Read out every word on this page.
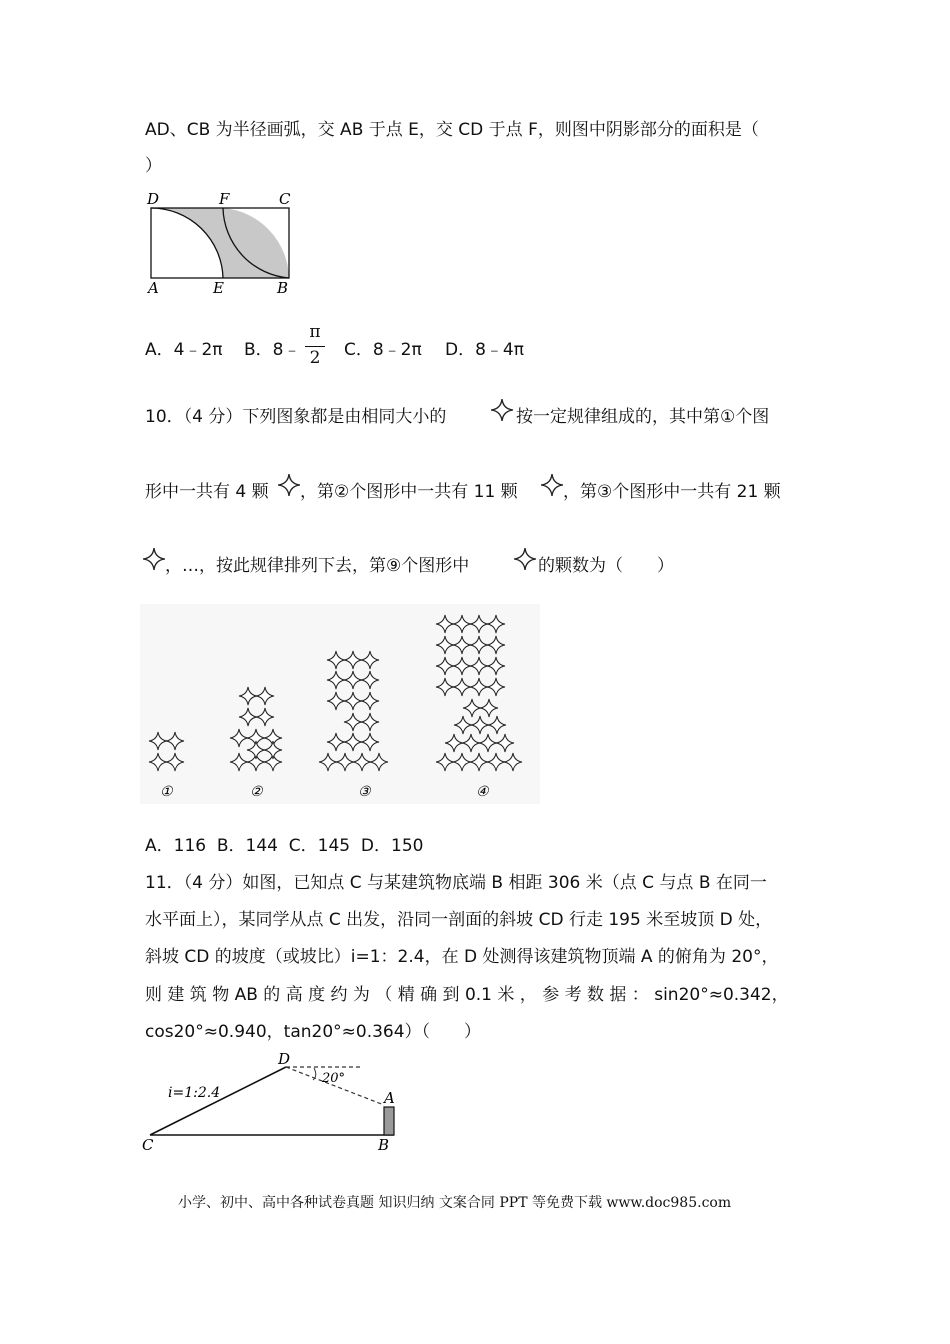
AD、CB 为半径画弧，交 AB 于点 E，交 CD 于点 F，则图中阴影部分的面积是（
）
D	F	C
A	E	B
A．4﹣2π B．8﹣
π
2	C．8﹣2π D．8﹣4π
10．（4 分）下列图象都是由相同大小的	按一定规律组成的，其中第①个图
形中一共有 4 颗 ，第②个图形中一共有 11 颗	，第③个图形中一共有 21 颗
，…，按此规律排列下去，第⑨个图形中	的颗数为（　　）
①	②	③	④
A．116  B．144  C．145  D．150
11．（4 分）如图，已知点 C 与某建筑物底端 B 相距 306 米（点 C 与点 B 在同一
水平面上），某同学从点 C 出发，沿同一剖面的斜坡 CD 行走 195 米至坡顶 D 处，
斜坡 CD 的坡度（或坡比）i=1：2.4，在 D 处测得该建筑物顶端 A 的俯角为 20°，
则 建 筑 物 AB 的 高 度 约 为 （ 精 确 到 0.1 米 ， 参 考 数 据 ： sin20°≈0.342，
cos20°≈0.940，tan20°≈0.364）（　　）
D
A
C	B
i=1:2.4
20°
小学、初中、高中各种试卷真题 知识归纳 文案合同 PPT 等免费下载 www.doc985.com
